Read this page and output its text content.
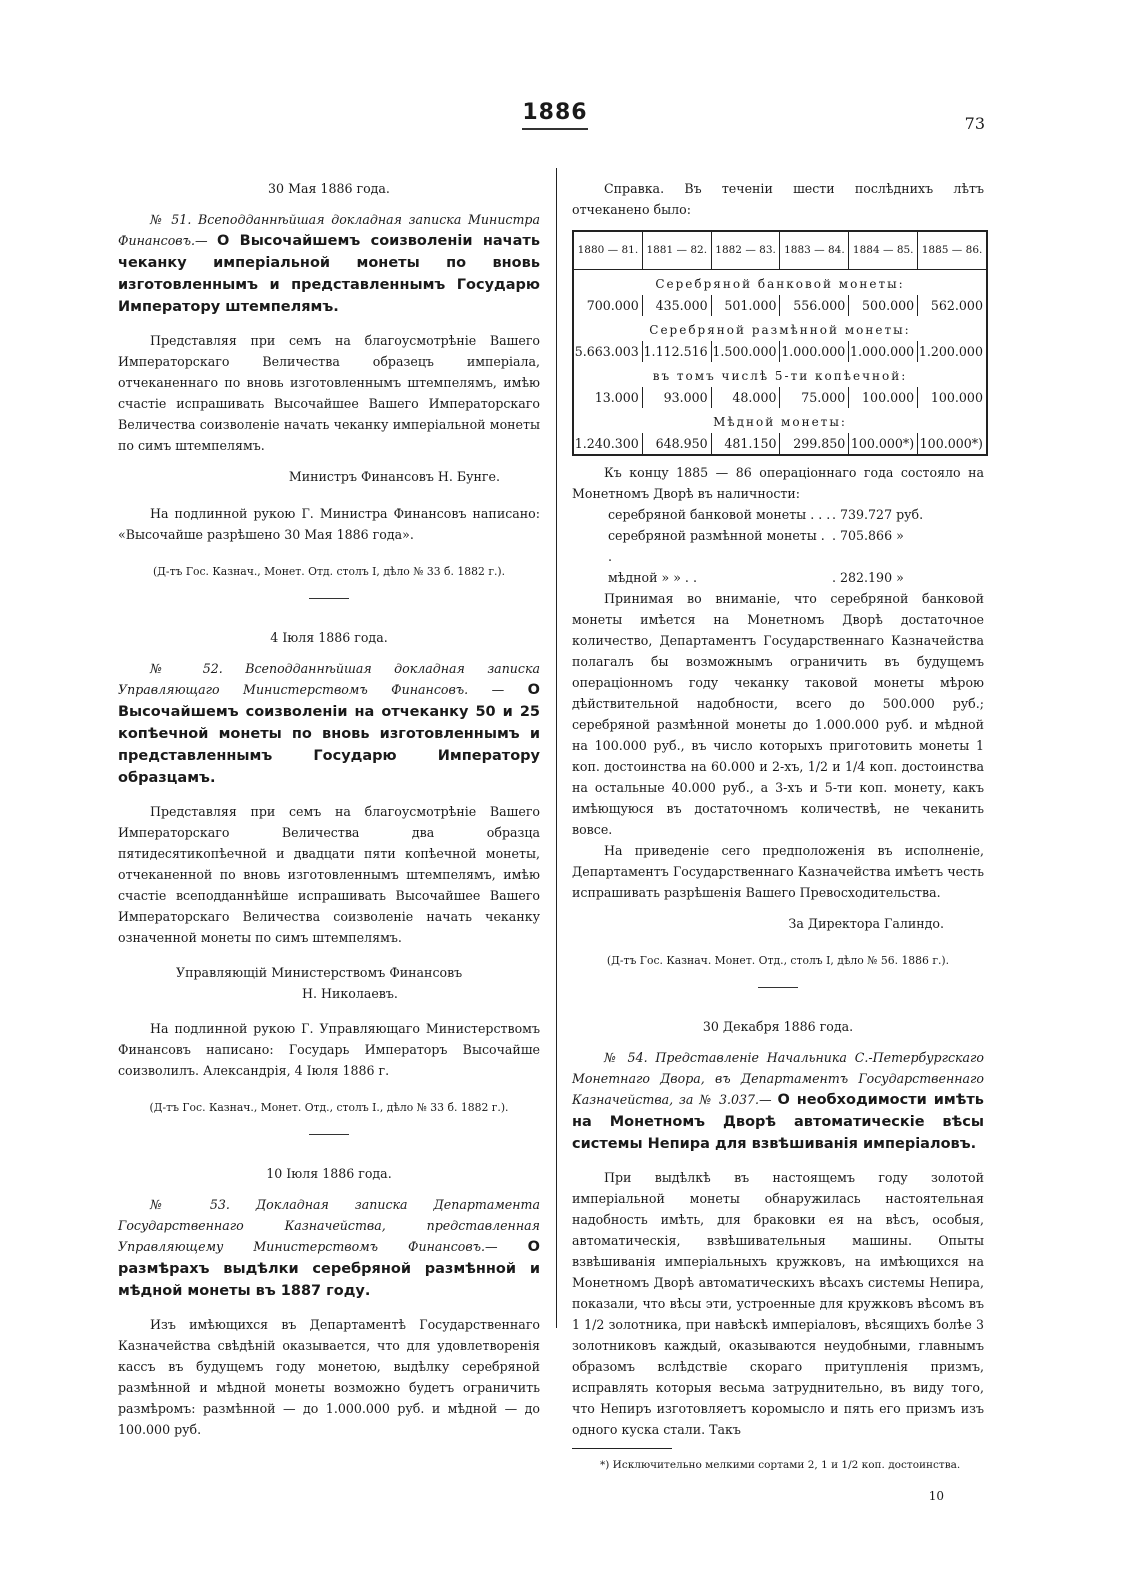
1886	73

30 Мая 1886 года.

№ 51. Всеподданнѣйшая докладная записка Министра Финансовъ.— О Высочайшемъ соизволеніи начать чеканку имперіальной монеты по вновь изготовленнымъ и представленнымъ Государю Императору штемпелямъ.

Представляя при семъ на благоусмотрѣніе Вашего Императорскаго Величества образецъ имперіала, отчеканеннаго по вновь изготовленнымъ штемпелямъ, имѣю счастіе испрашивать Высочайшее Вашего Императорскаго Величества соизволеніе начать чеканку имперіальной монеты по симъ штемпелямъ.

Министръ Финансовъ Н. Бунге.

На подлинной рукою Г. Министра Финансовъ написано: «Высочайше разрѣшено 30 Мая 1886 года».

(Д-тъ Гос. Казнач., Монет. Отд. столъ I, дѣло № 33 б. 1882 г.).

4 Іюля 1886 года.

№ 52. Всеподданнѣйшая докладная записка Управляющаго Министерствомъ Финансовъ. — О Высочайшемъ соизволеніи на отчеканку 50 и 25 копѣечной монеты по вновь изготовленнымъ и представленнымъ Государю Императору образцамъ.

Представляя при семъ на благоусмотрѣніе Вашего Императорскаго Величества два образца пятидесятикопѣечной и двадцати пяти копѣечной монеты, отчеканенной по вновь изготовленнымъ штемпелямъ, имѣю счастіе всеподданнѣйше испрашивать Высочайшее Вашего Императорскаго Величества соизволеніе начать чеканку означенной монеты по симъ штемпелямъ.

Управляющій Министерствомъ Финансовъ

Н. Николаевъ.

На подлинной рукою Г. Управляющаго Министерствомъ Финансовъ написано: Государь Императоръ Высочайше соизволилъ. Александрія, 4 Іюля 1886 г.

(Д-тъ Гос. Казнач., Монет. Отд., столъ I., дѣло № 33 б. 1882 г.).

10 Іюля 1886 года.

№ 53. Докладная записка Департамента Государственнаго Казначейства, представленная Управляющему Министерствомъ Финансовъ.— О размѣрахъ выдѣлки серебряной размѣнной и мѣдной монеты въ 1887 году.

Изъ имѣющихся въ Департаментѣ Государственнаго Казначейства свѣдѣній оказывается, что для удовлетворенія кассъ въ будущемъ году монетою, выдѣлку серебряной размѣнной и мѣдной монеты возможно будетъ ограничить размѣромъ: размѣнной — до 1.000.000 руб. и мѣдной — до 100.000 руб.

Справка. Въ теченіи шести послѣднихъ лѣтъ отчеканено было:

1880 — 81. 1881 — 82. 1882 — 83. 1883 — 84. 1884 — 85. 1885 — 86.
Серебряной банковой монеты:
700.000	435.000	501.000	556.000	500.000	562.000
Серебряной размѣнной монеты:
5.663.003 1.112.516 1.500.000 1.000.000 1.000.000 1.200.000
въ томъ числѣ 5-ти копѣечной:
13.000	93.000	48.000	75.000	100.000	100.000
Мѣдной монеты:
1.240.300	648.950	481.150	299.850 100.000*) 100.000*)

Къ концу 1885 — 86 операціоннаго года состояло на Монетномъ Дворѣ въ наличности:

серебряной банковой монеты . . . . 739.727 руб.
серебряной размѣнной монеты . .
. 705.866 »
мѣдной » » . .	. 282.190 »

Принимая во вниманіе, что серебряной банковой монеты имѣется на Монетномъ Дворѣ достаточное количество, Департаментъ Государственнаго Казначейства полагалъ бы возможнымъ ограничить въ будущемъ операціонномъ году чеканку таковой монеты мѣрою дѣйствительной надобности, всего до 500.000 руб.; серебряной размѣнной монеты до 1.000.000 руб. и мѣдной на 100.000 руб., въ число которыхъ приготовить монеты 1 коп. достоинства на 60.000 и 2-хъ, 1/2 и 1/4 коп. достоинства на остальные 40.000 руб., а 3-хъ и 5-ти коп. монету, какъ имѣющуюся въ достаточномъ количествѣ, не чеканить вовсе.

На приведеніе сего предположенія въ исполненіе, Департаментъ Государственнаго Казначейства имѣетъ честь испрашивать разрѣшенія Вашего Превосходительства.

За Директора Галиндо.

(Д-тъ Гос. Казнач. Монет. Отд., столъ I, дѣло № 56. 1886 г.).

30 Декабря 1886 года.

№ 54. Представленіе Начальника С.-Петербургскаго Монетнаго Двора, въ Департаментъ Государственнаго Казначейства, за № 3.037.— О необходимости имѣть на Монетномъ Дворѣ автоматическіе вѣсы системы Непира для взвѣшиванія имперіаловъ.

При выдѣлкѣ въ настоящемъ году золотой имперіальной монеты обнаружилась настоятельная надобность имѣть, для браковки ея на вѣсъ, особыя, автоматическія, взвѣшивательныя машины. Опыты взвѣшиванія имперіальныхъ кружковъ, на имѣющихся на Монетномъ Дворѣ автоматическихъ вѣсахъ системы Непира, показали, что вѣсы эти, устроенные для кружковъ вѣсомъ въ 1 1/2 золотника, при навѣскѣ имперіаловъ, вѣсящихъ болѣе 3 золотниковъ каждый, оказываются неудобными, главнымъ образомъ вслѣдствіе скораго притупленія призмъ, исправлять которыя весьма затруднительно, въ виду того, что Непиръ изготовляетъ коромысло и пять его призмъ изъ одного куска стали. Такъ

*) Исключительно мелкими сортами 2, 1 и 1/2 коп. достоинства.

10
